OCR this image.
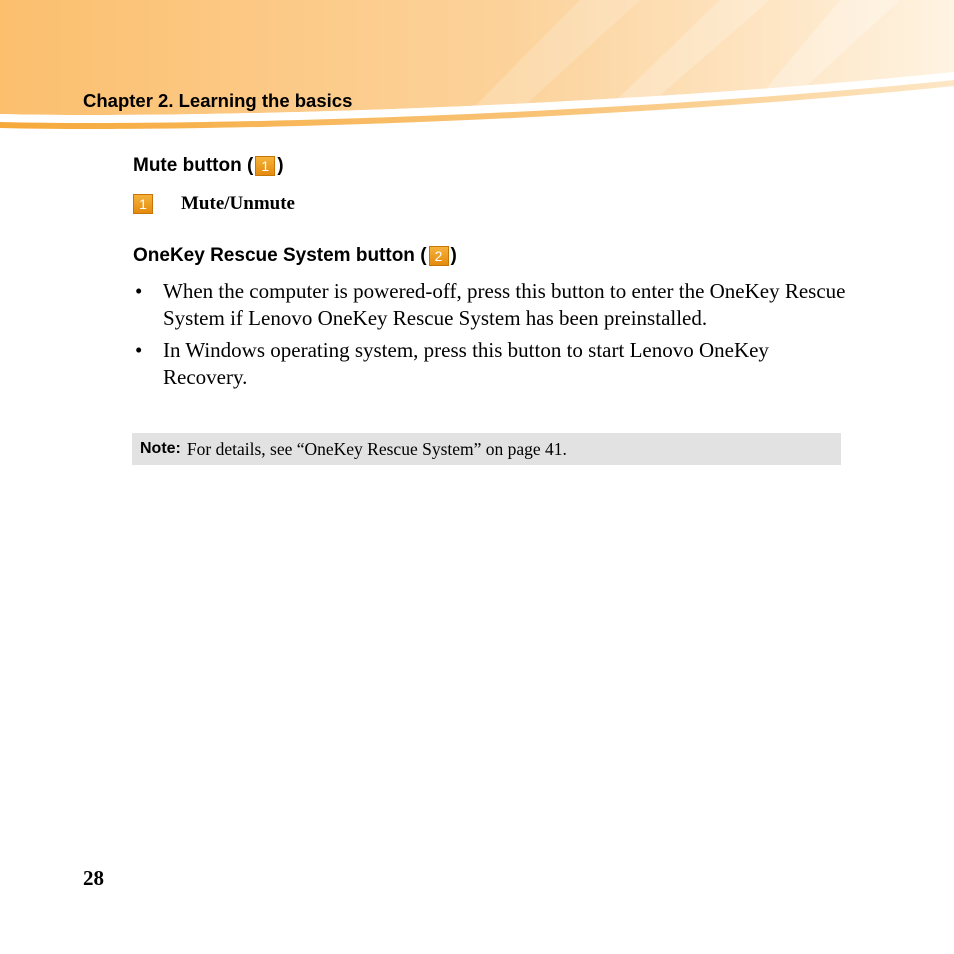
Chapter 2. Learning the basics
Mute button ( 1 )
1	Mute/Unmute
OneKey Rescue System button ( 2 )
• When the computer is powered-off, press this button to enter the OneKey Rescue System if Lenovo OneKey Rescue System has been preinstalled.
• In Windows operating system, press this button to start Lenovo OneKey Recovery.
Note: For details, see “OneKey Rescue System” on page 41.
28
